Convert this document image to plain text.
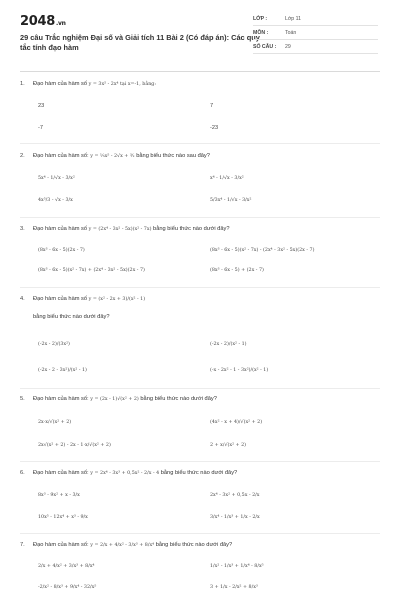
2048.vn
29 câu Trắc nghiệm Đại số và Giải tích 11 Bài 2 (Có đáp án): Các quy tắc tính đạo hàm
LỚP :	Lớp 11
MÔN :	Toán
SỐ CÂU :	29
1.	Đạo hàm của hàm số y = 3x⁵ - 2x⁴ tại x=-1, bằng:
23	7
-7	-23
2.	Đạo hàm của hàm số: y = ⅓x⁵ - 2√x + ³⁄ₓ bằng biểu thức nào sau đây?
5x⁴ - 1/√x - 3/x²	x⁴ - 1/√x - 3/x²
4x⁵/3 - √x - 3/x	5/3x⁴ - 1/√x - 3/x²
3.	Đạo hàm của hàm số y = (2x⁴ - 3x² - 5x)(x² - 7x) bằng biểu thức nào dưới đây?
(8x³ - 6x - 5)(2x - 7)	(8x³ - 6x - 5)(x² - 7x) - (2x⁴ - 3x² - 5x)(2x - 7)
(8x³ - 6x - 5)(x² - 7x) + (2x⁴ - 3x² - 5x)(2x - 7)	(8x³ - 6x - 5) + (2x - 7)
4.	Đạo hàm của hàm số y = (x² - 2x + 3)/(x² - 1)
bằng biểu thức nào dưới đây?
(-2x - 2)/(3x²)	(-2x - 2)/(x² - 1)
(-2x - 2 - 3x²)/(x² - 1)	(-x - 2x² - 1 - 3x²)/(x² - 1)
5.	Đạo hàm của hàm số: y = (2x - 1)√(x² + 2) bằng biểu thức nào dưới đây?
2x·x/√(x² + 2)	(4x² - x + 4)/√(x² + 2)
2x√(x² + 2) - 2x - 1·x/√(x² + 2)	2 + x/√(x² + 2)
6.	Đạo hàm của hàm số: y = 2x⁴ - 3x³ + 0,5x² - 2/x - 4 bằng biểu thức nào dưới đây?
8x³ - 9x² + x - 3/x	2x⁴ - 3x² + 0,5x - 2/x
10x⁵ - 12x⁴ + x³ - 9/x	3/x⁴ - 1/x³ + 1/x - 2/x
7.	Đạo hàm của hàm số: y = 2/x + 4/x² - 3/x³ + 8/x⁴ bằng biểu thức nào dưới đây?
2/x + 4/x² + 3/x³ + 8/x⁴	1/x² - 1/x³ + 1/x⁴ - 8/x⁵
-2/x² - 8/x³ + 9/x⁴ - 32/x⁵	3 + 1/x - 2/x² + 8/x³
